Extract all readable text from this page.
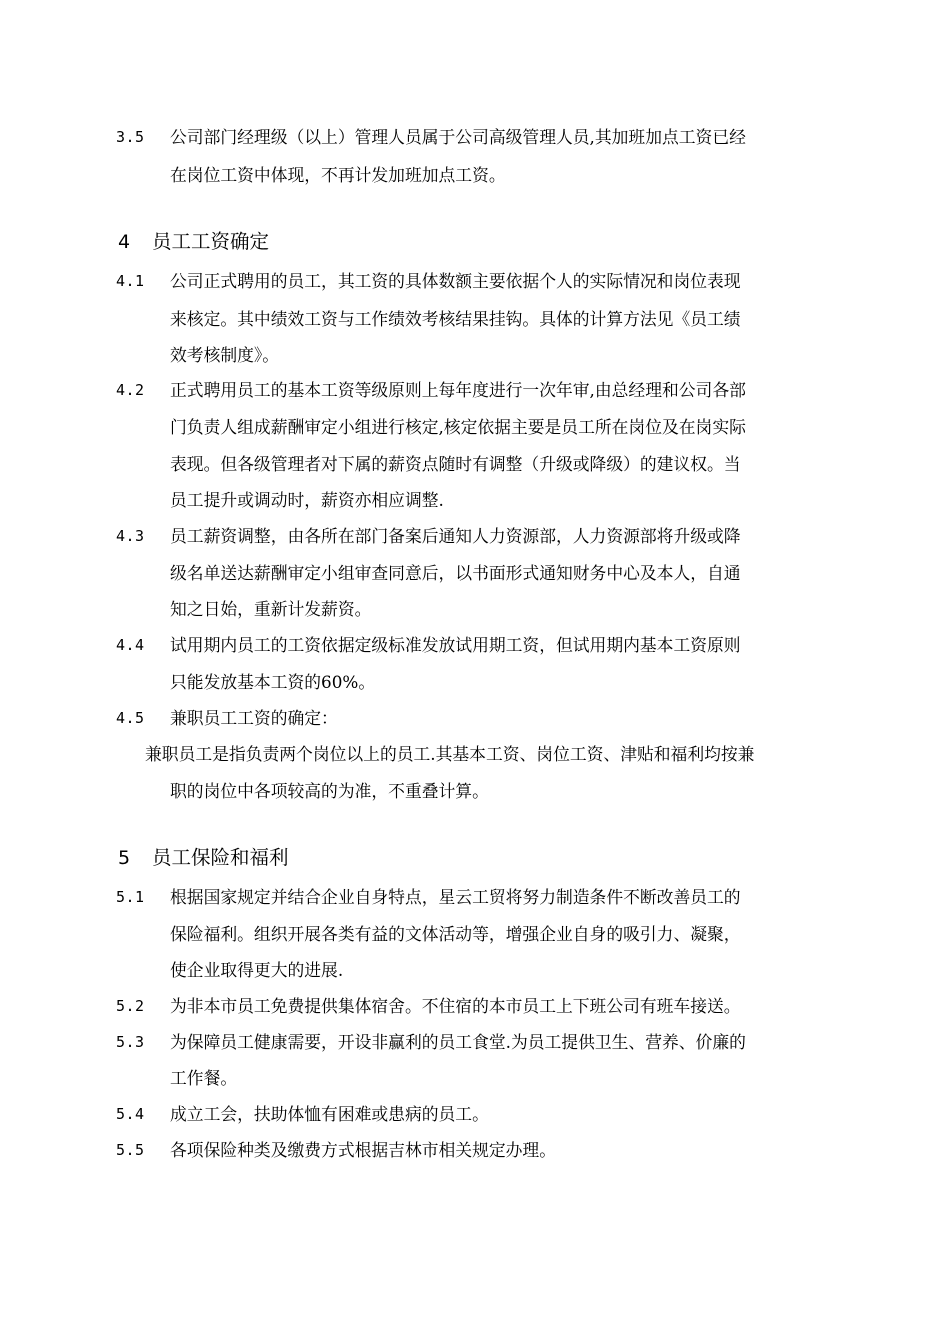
3.5	公司部门经理级（以上）管理人员属于公司高级管理人员,其加班加点工资已经
在岗位工资中体现，不再计发加班加点工资。
4 员工工资确定
4.1	公司正式聘用的员工，其工资的具体数额主要依据个人的实际情况和岗位表现
来核定。其中绩效工资与工作绩效考核结果挂钩。具体的计算方法见《员工绩
效考核制度》。
4.2	正式聘用员工的基本工资等级原则上每年度进行一次年审,由总经理和公司各部
门负责人组成薪酬审定小组进行核定,核定依据主要是员工所在岗位及在岗实际
表现。但各级管理者对下属的薪资点随时有调整（升级或降级）的建议权。当
员工提升或调动时，薪资亦相应调整.
4.3	员工薪资调整，由各所在部门备案后通知人力资源部，人力资源部将升级或降
级名单送达薪酬审定小组审查同意后，以书面形式通知财务中心及本人，自通
知之日始，重新计发薪资。
4.4	试用期内员工的工资依据定级标准发放试用期工资，但试用期内基本工资原则
只能发放基本工资的60%。
4.5	兼职员工工资的确定：
兼职员工是指负责两个岗位以上的员工.其基本工资、岗位工资、津贴和福利均按兼
职的岗位中各项较高的为准，不重叠计算。
5 员工保险和福利
5.1	根据国家规定并结合企业自身特点，星云工贸将努力制造条件不断改善员工的
保险福利。组织开展各类有益的文体活动等，增强企业自身的吸引力、凝聚，
使企业取得更大的进展.
5.2	为非本市员工免费提供集体宿舍。不住宿的本市员工上下班公司有班车接送。
5.3	为保障员工健康需要，开设非赢利的员工食堂.为员工提供卫生、营养、价廉的
工作餐。
5.4	成立工会，扶助体恤有困难或患病的员工。
5.5	各项保险种类及缴费方式根据吉林市相关规定办理。
